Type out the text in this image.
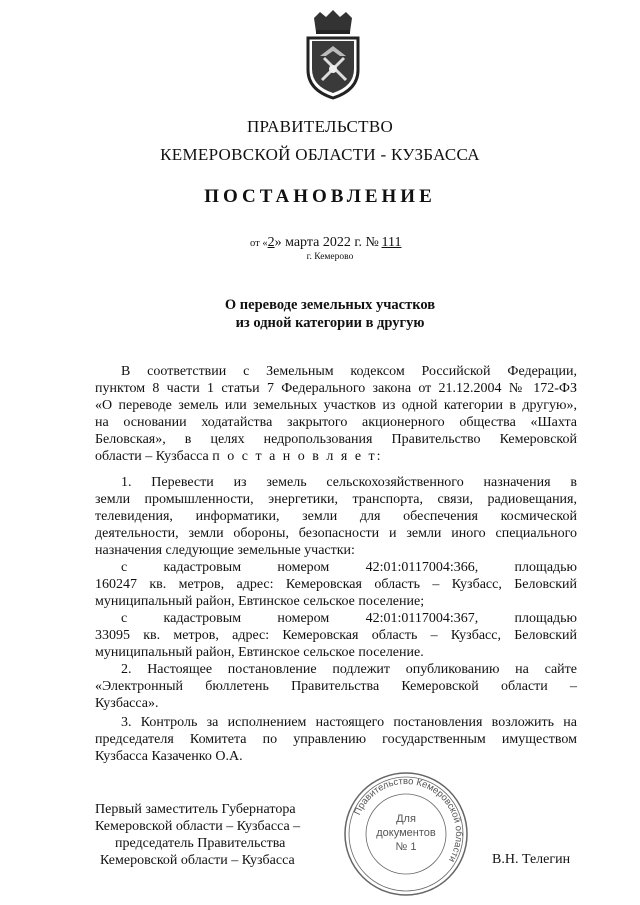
ПРАВИТЕЛЬСТВО
КЕМЕРОВСКОЙ ОБЛАСТИ - КУЗБАССА
ПОСТАНОВЛЕНИЕ
от «2» марта 2022 г. № 111
г. Кемерово
О переводе земельных участков
из одной категории в другую
В соответствии с Земельным кодексом Российской Федерации,
пунктом 8 части 1 статьи 7 Федерального закона от 21.12.2004 № 172-ФЗ
«О переводе земель или земельных участков из одной категории в другую»,
на основании ходатайства закрытого акционерного общества «Шахта
Беловская», в целях недропользования Правительство Кемеровской
области – Кузбасса п о с т а н о в л я е т:
1. Перевести из земель сельскохозяйственного назначения в
земли промышленности, энергетики, транспорта, связи, радиовещания,
телевидения, информатики, земли для обеспечения космической
деятельности, земли обороны, безопасности и земли иного специального
назначения следующие земельные участки:
с кадастровым номером 42:01:0117004:366, площадью
160247 кв. метров, адрес: Кемеровская область – Кузбасс, Беловский
муниципальный район, Евтинское сельское поселение;
с кадастровым номером 42:01:0117004:367, площадью
33095 кв. метров, адрес: Кемеровская область – Кузбасс, Беловский
муниципальный район, Евтинское сельское поселение.
2. Настоящее постановление подлежит опубликованию на сайте
«Электронный бюллетень Правительства Кемеровской области –
Кузбасса».
3. Контроль за исполнением настоящего постановления возложить на
председателя Комитета по управлению государственным имуществом
Кузбасса Казаченко О.А.
Первый заместитель Губернатора
Кемеровской области – Кузбасса –
председатель Правительства
Кемеровской области – Кузбасса
Правительство Кемеровской области
Для
документов
№ 1
В.Н. Телегин
